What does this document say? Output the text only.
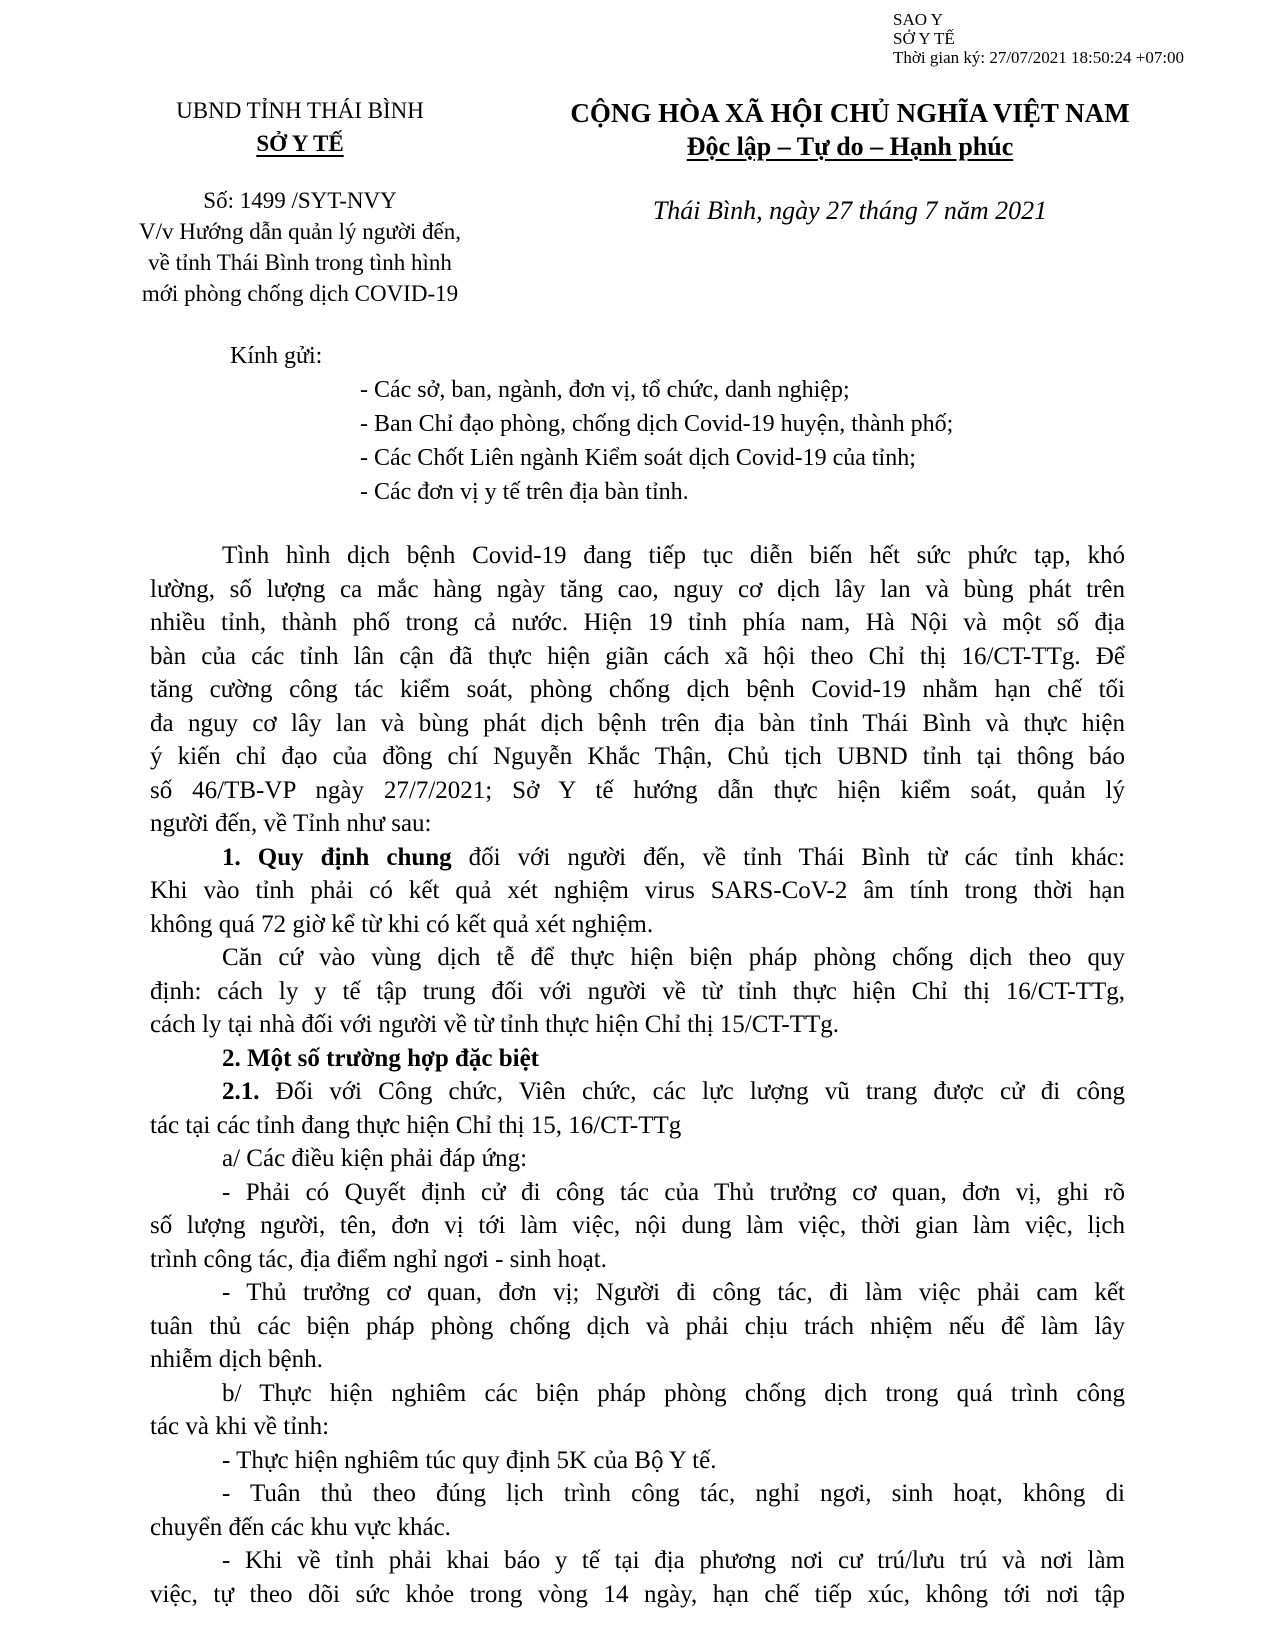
SAO Y
SỞ Y TẾ
Thời gian ký: 27/07/2021 18:50:24 +07:00
UBND TỈNH THÁI BÌNH
SỞ Y TẾ
Số: 1499 /SYT-NVY
V/v Hướng dẫn quản lý người đến,
về tỉnh Thái Bình trong tình hình
mới phòng chống dịch COVID-19
CỘNG HÒA XÃ HỘI CHỦ NGHĨA VIỆT NAM
Độc lập – Tự do – Hạnh phúc
Thái Bình, ngày 27 tháng 7 năm 2021
Kính gửi:
- Các sở, ban, ngành, đơn vị, tổ chức, danh nghiệp;
- Ban Chỉ đạo phòng, chống dịch Covid-19 huyện, thành phố;
- Các Chốt Liên ngành Kiểm soát dịch Covid-19 của tỉnh;
- Các đơn vị y tế trên địa bàn tỉnh.
Tình hình dịch bệnh Covid-19 đang tiếp tục diễn biến hết sức phức tạp, khó
lường, số lượng ca mắc hàng ngày tăng cao, nguy cơ dịch lây lan và bùng phát trên
nhiều tỉnh, thành phố trong cả nước. Hiện 19 tỉnh phía nam, Hà Nội và một số địa
bàn của các tỉnh lân cận đã thực hiện giãn cách xã hội theo Chỉ thị 16/CT-TTg. Để
tăng cường công tác kiểm soát, phòng chống dịch bệnh Covid-19 nhằm hạn chế tối
đa nguy cơ lây lan và bùng phát dịch bệnh trên địa bàn tỉnh Thái Bình và thực hiện
ý kiến chỉ đạo của đồng chí Nguyễn Khắc Thận, Chủ tịch UBND tỉnh tại thông báo
số 46/TB-VP ngày 27/7/2021; Sở Y tế hướng dẫn thực hiện kiểm soát, quản lý
người đến, về Tỉnh như sau:
1. Quy định chung đối với người đến, về tỉnh Thái Bình từ các tỉnh khác:
Khi vào tỉnh phải có kết quả xét nghiệm virus SARS-CoV-2 âm tính trong thời hạn
không quá 72 giờ kể từ khi có kết quả xét nghiệm.
Căn cứ vào vùng dịch tễ để thực hiện biện pháp phòng chống dịch theo quy
định: cách ly y tế tập trung đối với người về từ tỉnh thực hiện Chỉ thị 16/CT-TTg,
cách ly tại nhà đối với người về từ tỉnh thực hiện Chỉ thị 15/CT-TTg.
2. Một số trường hợp đặc biệt
2.1. Đối với Công chức, Viên chức, các lực lượng vũ trang được cử đi công
tác tại các tỉnh đang thực hiện Chỉ thị 15, 16/CT-TTg
a/ Các điều kiện phải đáp ứng:
- Phải có Quyết định cử đi công tác của Thủ trưởng cơ quan, đơn vị, ghi rõ
số lượng người, tên, đơn vị tới làm việc, nội dung làm việc, thời gian làm việc, lịch
trình công tác, địa điểm nghỉ ngơi - sinh hoạt.
- Thủ trưởng cơ quan, đơn vị; Người đi công tác, đi làm việc phải cam kết
tuân thủ các biện pháp phòng chống dịch và phải chịu trách nhiệm nếu để làm lây
nhiễm dịch bệnh.
b/ Thực hiện nghiêm các biện pháp phòng chống dịch trong quá trình công
tác và khi về tỉnh:
- Thực hiện nghiêm túc quy định 5K của Bộ Y tế.
- Tuân thủ theo đúng lịch trình công tác, nghỉ ngơi, sinh hoạt, không di
chuyển đến các khu vực khác.
- Khi về tỉnh phải khai báo y tế tại địa phương nơi cư trú/lưu trú và nơi làm
việc, tự theo dõi sức khỏe trong vòng 14 ngày, hạn chế tiếp xúc, không tới nơi tập
